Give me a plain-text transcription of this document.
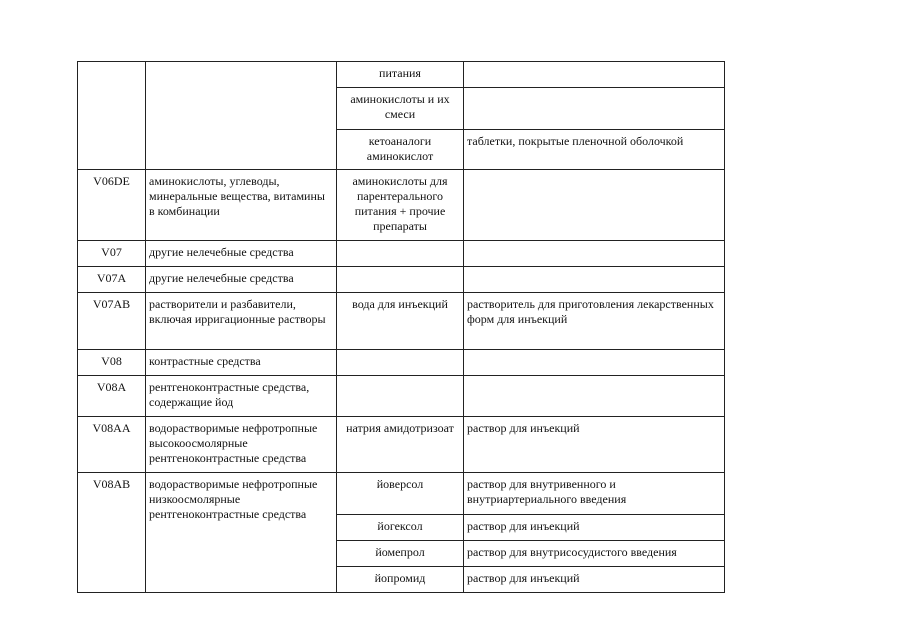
		питания	
		аминокислоты и их смеси	
		кетоаналоги аминокислот	таблетки, покрытые пленочной оболочкой
V06DE	аминокислоты, углеводы, минеральные вещества, витамины в комбинации	аминокислоты для парентерального питания + прочие препараты	
V07	другие нелечебные средства		
V07A	другие нелечебные средства		
V07AB	растворители и разбавители, включая ирригационные растворы	вода для инъекций	растворитель для приготовления лекарственных форм для инъекций
V08	контрастные средства		
V08A	рентгеноконтрастные средства, содержащие йод		
V08AA	водорастворимые нефротропные высокоосмолярные рентгеноконтрастные средства	натрия амидотризоат	раствор для инъекций
V08AB	водорастворимые нефротропные низкоосмолярные рентгеноконтрастные средства	йоверсол	раствор для внутривенного и внутриартериального введения
		йогексол	раствор для инъекций
		йомепрол	раствор для внутрисосудистого введения
		йопромид	раствор для инъекций
